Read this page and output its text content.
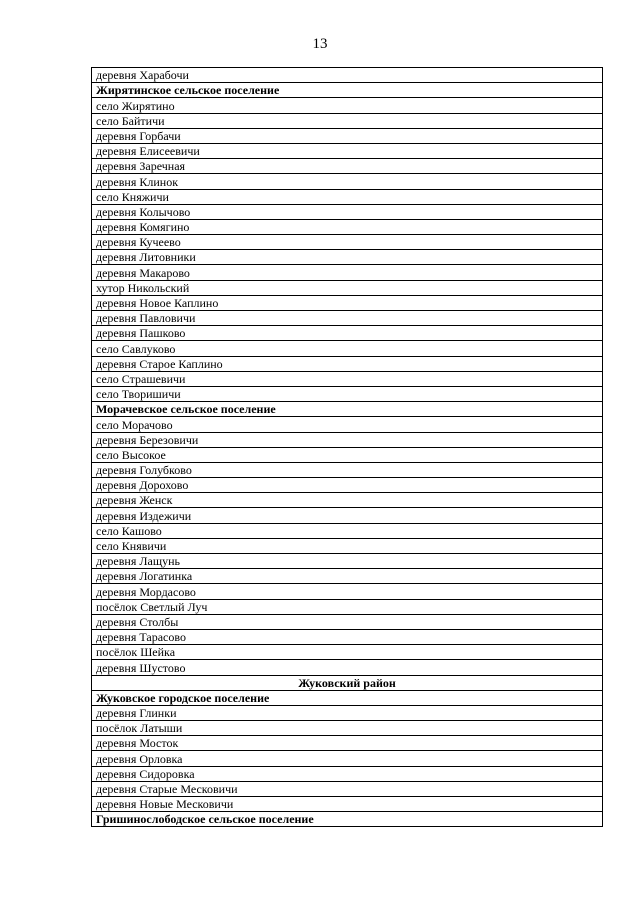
13
деревня Харабочи
Жирятинское сельское поселение
село Жирятино
село Байтичи
деревня Горбачи
деревня Елисеевичи
деревня Заречная
деревня Клинок
село Княжичи
деревня Колычово
деревня Комягино
деревня Кучеево
деревня Литовники
деревня Макарово
хутор Никольский
деревня Новое Каплино
деревня Павловичи
деревня Пашково
село Савлуково
деревня Старое Каплино
село Страшевичи
село Творишичи
Морачевское сельское поселение
село Морачово
деревня Березовичи
село Высокое
деревня Голубково
деревня Дорохово
деревня Женск
деревня Издежичи
село Кашово
село Княвичи
деревня Лащунь
деревня Логатинка
деревня Мордасово
посёлок Светлый Луч
деревня Столбы
деревня Тарасово
посёлок Шейка
деревня Шустово
Жуковский район
Жуковское городское поселение
деревня Глинки
посёлок Латыши
деревня Мосток
деревня Орловка
деревня Сидоровка
деревня Старые Месковичи
деревня Новые Месковичи
Гришинослободское сельское поселение
